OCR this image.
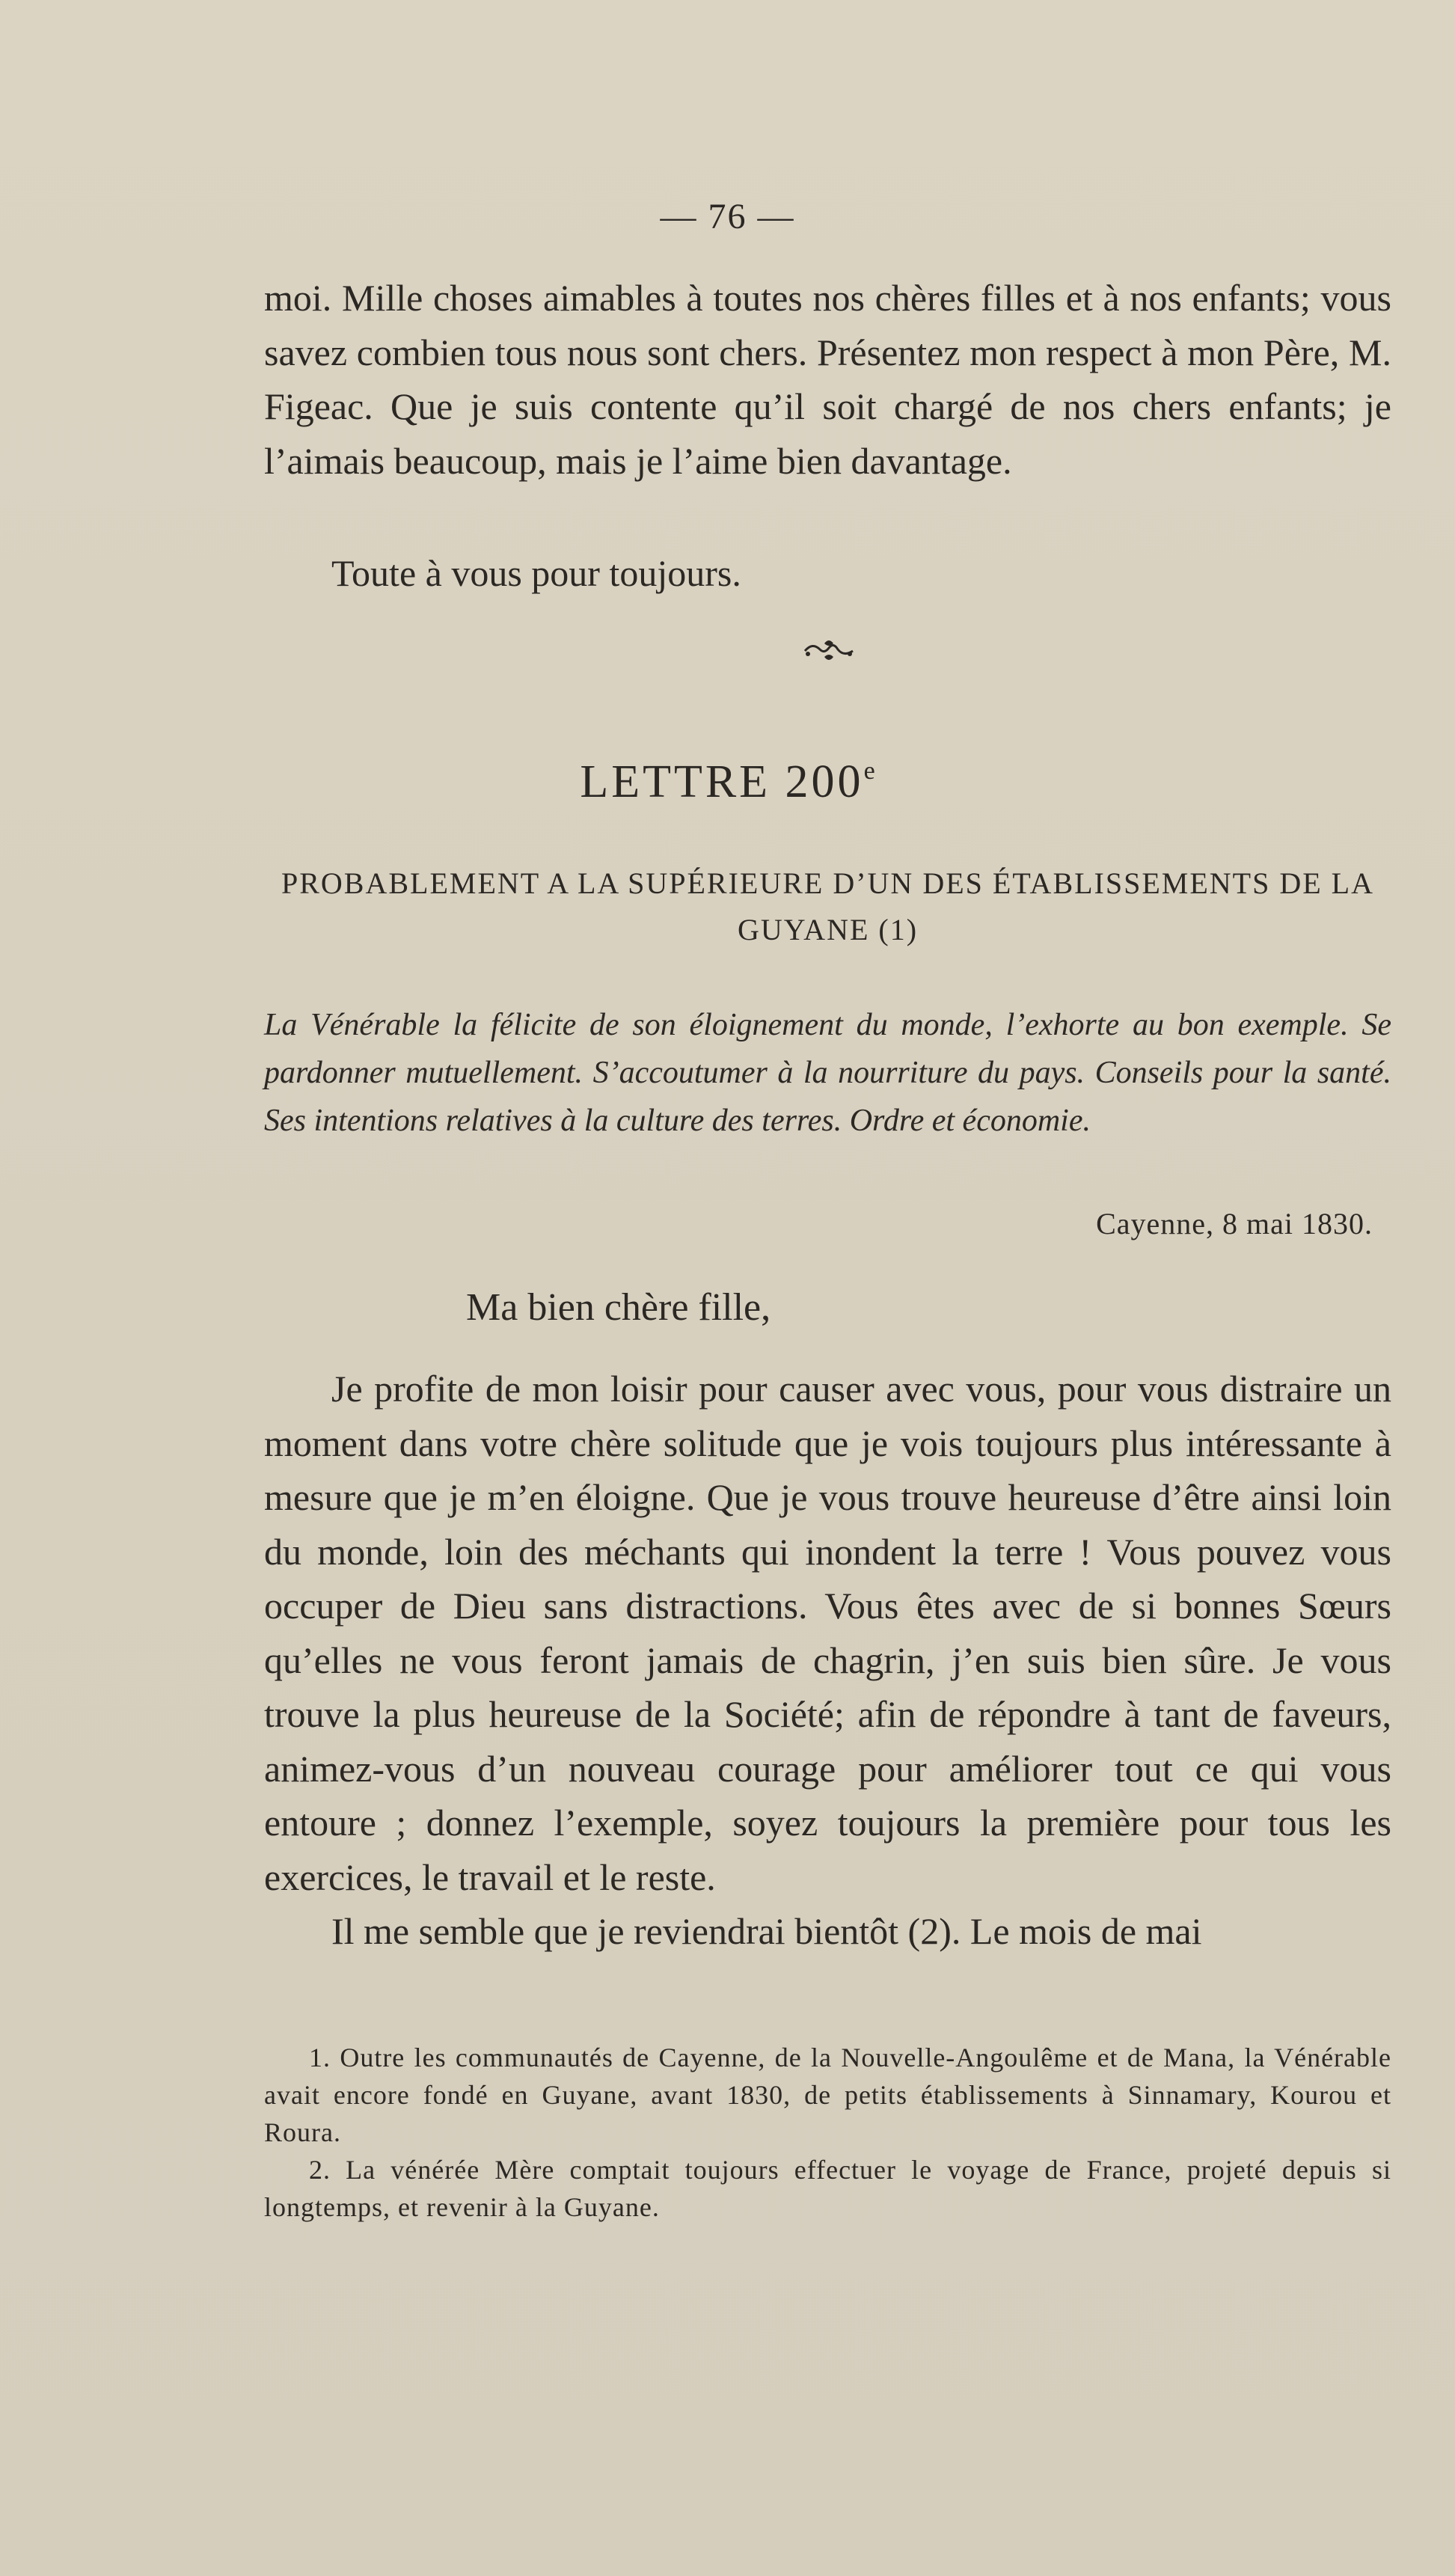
— 76 —

moi. Mille choses aimables à toutes nos chères filles et à nos enfants; vous savez combien tous nous sont chers. Présentez mon respect à mon Père, M. Figeac. Que je suis contente qu’il soit chargé de nos chers enfants; je l’aimais beaucoup, mais je l’aime bien davantage.

Toute à vous pour toujours.
LETTRE 200e
PROBABLEMENT A LA SUPÉRIEURE D’UN DES ÉTABLISSEMENTS DE LA GUYANE (1)

La Vénérable la félicite de son éloignement du monde, l’exhorte au bon exemple. Se pardonner mutuellement. S’accoutumer à la nourriture du pays. Conseils pour la santé. Ses intentions relatives à la culture des terres. Ordre et économie.

Cayenne, 8 mai 1830.
Ma bien chère fille,

Je profite de mon loisir pour causer avec vous, pour vous distraire un moment dans votre chère solitude que je vois toujours plus intéressante à mesure que je m’en éloigne. Que je vous trouve heureuse d’être ainsi loin du monde, loin des méchants qui inondent la terre ! Vous pouvez vous occuper de Dieu sans distractions. Vous êtes avec de si bonnes Sœurs qu’elles ne vous feront jamais de chagrin, j’en suis bien sûre. Je vous trouve la plus heureuse de la Société; afin de répondre à tant de faveurs, animez-vous d’un nouveau courage pour améliorer tout ce qui vous entoure ; donnez l’exemple, soyez toujours la première pour tous les exercices, le travail et le reste.

Il me semble que je reviendrai bientôt (2). Le mois de mai

1. Outre les communautés de Cayenne, de la Nouvelle-Angoulême et de Mana, la Vénérable avait encore fondé en Guyane, avant 1830, de petits établissements à Sinnamary, Kourou et Roura.

2. La vénérée Mère comptait toujours effectuer le voyage de France, projeté depuis si longtemps, et revenir à la Guyane.
